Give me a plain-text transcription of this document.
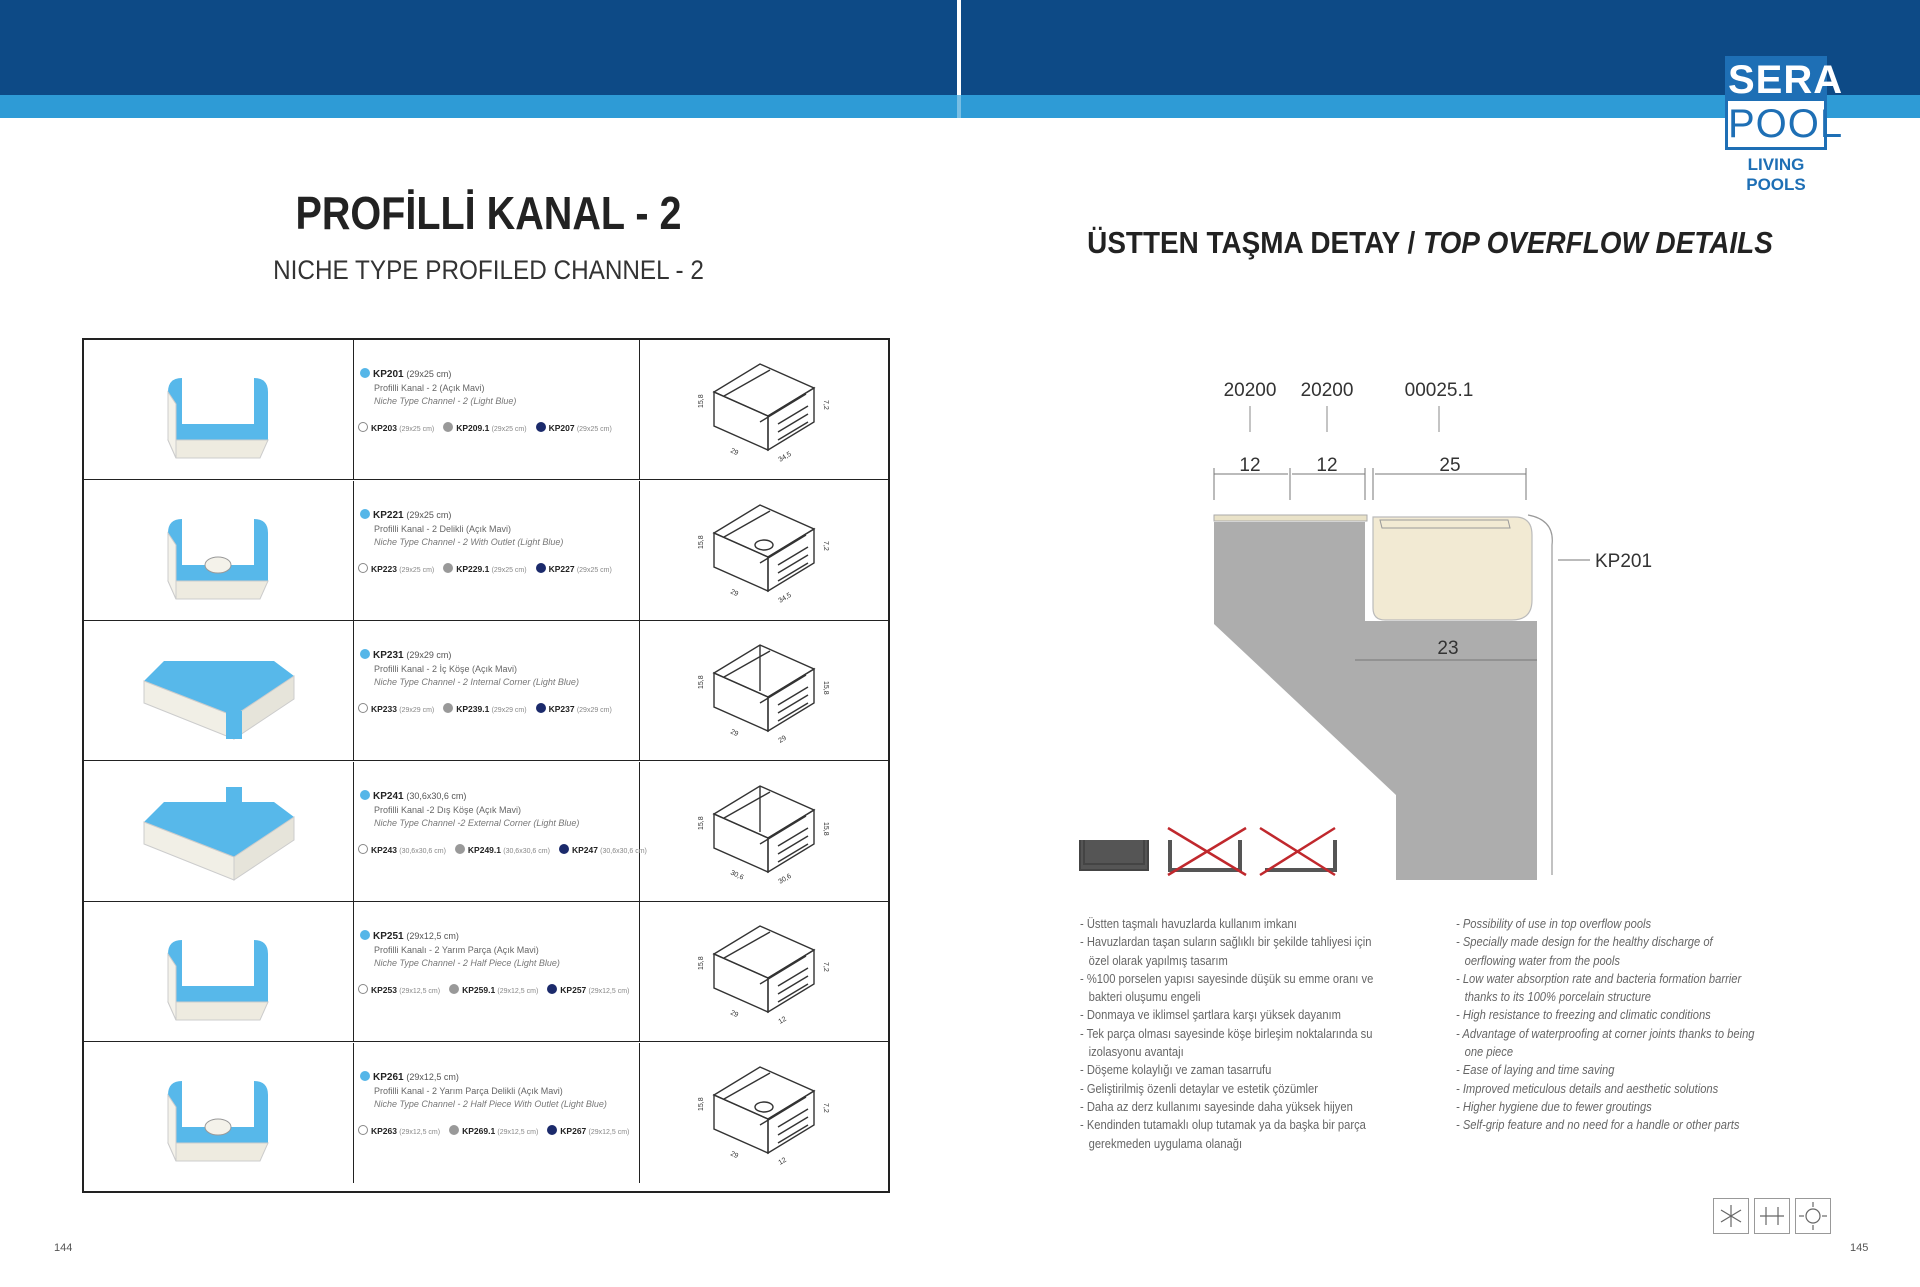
SERA
POOL
LIVING POOLS
PROFİLLİ KANAL - 2
NICHE TYPE PROFILED CHANNEL - 2
ÜSTTEN TAŞMA DETAY / TOP OVERFLOW DETAILS
KP201 (29x25 cm)
Profilli Kanal - 2 (Açık Mavi)
Niche Type Channel - 2 (Light Blue)
KP203 (29x25 cm)	KP209.1 (29x25 cm)	KP207 (29x25 cm)
15,8
29	34,5
7,2
KP221 (29x25 cm)
Profilli Kanal - 2 Delikli (Açık Mavi)
Niche Type Channel - 2 With Outlet (Light Blue)
KP223 (29x25 cm)	KP229.1 (29x25 cm)	KP227 (29x25 cm)
15,8
29	34,5
7,2
KP231 (29x29 cm)
Profilli Kanal - 2 İç Köşe (Açık Mavi)
Niche Type Channel - 2 Internal Corner (Light Blue)
KP233 (29x29 cm)	KP239.1 (29x29 cm)	KP237 (29x29 cm)
15,8
29
29
15,8
KP241 (30,6x30,6 cm)
Profilli Kanal -2 Dış Köşe (Açık Mavi)
Niche Type Channel -2 External Corner (Light Blue)
KP243 (30,6x30,6 cm)	KP249.1 (30,6x30,6 cm)	KP247 (30,6x30,6 cm)
15,8
30,6	30,6
15,8
KP251 (29x12,5 cm)
Profilli Kanalı - 2 Yarım Parça (Açık Mavi)
Niche Type Channel - 2 Half Piece (Light Blue)
KP253 (29x12,5 cm)	KP259.1 (29x12,5 cm)	KP257 (29x12,5 cm)
15,8
29
12
7,2
KP261 (29x12,5 cm)
Profilli Kanal - 2 Yarım Parça Delikli (Açık Mavi)
Niche Type Channel - 2 Half Piece With Outlet (Light Blue)
KP263 (29x12,5 cm)	KP269.1 (29x12,5 cm)	KP267 (29x12,5 cm)
15,8
29
12
7,2
20200 20200	00025.1
12	12	25
KP201
23

- Üstten taşmalı havuzlarda kullanım imkanı

- Havuzlardan taşan suların sağlıklı bir şekilde tahliyesi için

özel olarak yapılmış tasarım

- %100 porselen yapısı sayesinde düşük su emme oranı ve

bakteri oluşumu engeli

- Donmaya ve iklimsel şartlara karşı yüksek dayanım

- Tek parça olması sayesinde köşe birleşim noktalarında su

izolasyonu avantajı

- Döşeme kolaylığı ve zaman tasarrufu

- Geliştirilmiş özenli detaylar ve estetik çözümler

- Daha az derz kullanımı sayesinde daha yüksek hijyen

- Kendinden tutamaklı olup tutamak ya da başka bir parça

gerekmeden uygulama olanağı

- Possibility of use in top overflow pools

- Specially made design for the healthy discharge of

oerflowing water from the pools

- Low water absorption rate and bacteria formation barrier

thanks to its 100% porcelain structure

- High resistance to freezing and climatic conditions

- Advantage of waterproofing at corner joints thanks to being

one piece

- Ease of laying and time saving

- Improved meticulous details and aesthetic solutions

- Higher hygiene due to fewer groutings

- Self-grip feature and no need for a handle or other parts

144	145
